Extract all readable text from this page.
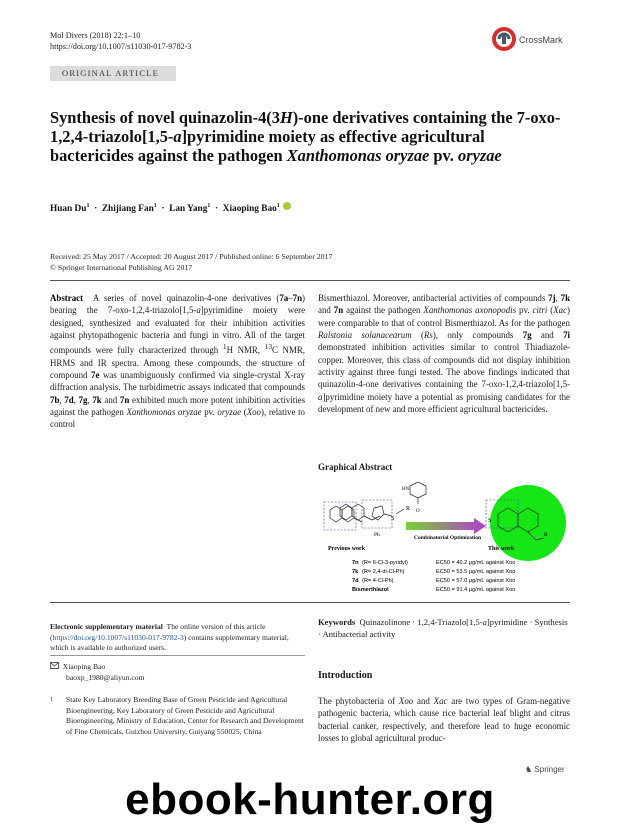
Mol Divers (2018) 22:1–10
https://doi.org/10.1007/s11030-017-9782-3
CrossMark
ORIGINAL ARTICLE
Synthesis of novel quinazolin-4(3H)-one derivatives containing the 7-oxo-1,2,4-triazolo[1,5-a]pyrimidine moiety as effective agricultural bactericides against the pathogen Xanthomonas oryzae pv. oryzae
Huan Du$^1$  ·  Zhijiang Fan$^1$  ·  Lan Yang$^1$  ·  Xiaoping Bao$^1$
Received: 25 May 2017 / Accepted: 20 August 2017 / Published online: 6 September 2017
© Springer International Publishing AG 2017
Abstract A series of novel quinazolin-4-one derivatives (7a–7n) bearing the 7-oxo-1,2,4-triazolo[1,5-a]pyrimidine moiety were designed, synthesized and evaluated for their inhibition activities against phytopathogenic bacteria and fungi in vitro. All of the target compounds were fully characterized through $^1$H NMR, $^{13}$C NMR, HRMS and IR spectra. Among these compounds, the structure of compound 7e was unambiguously confirmed via single-crystal X-ray diffraction analysis. The turbidimetric assays indicated that compounds 7b, 7d, 7g, 7k and 7n exhibited much more potent inhibition activities against the pathogen Xanthomonas oryzae pv. oryzae (Xoo), relative to control
Bismerthiazol. Moreover, antibacterial activities of compounds 7j, 7k and 7n against the pathogen Xanthomonas axonopodis pv. citri (Xac) were comparable to that of control Bismerthiazol. As for the pathogen Ralstonia solanacearum (Rs), only compounds 7g and 7i demonstrated inhibition activities similar to control Thiadiazole-copper. Moreover, this class of compounds did not display inhibition activity against three fungi tested. The above findings indicated that quinazolin-4-one derivatives containing the 7-oxo-1,2,4-triazolo[1,5-a]pyrimidine moiety have a potential as promising candidates for the development of new and more efficient agricultural bactericides.
Graphical Abstract
S
R
Ph
Previous work
HN
O
Combinatorial Optimization
S
R
This work
7n (R= 6-Cl-3-pyridyl)	EC50 = 40.2 μg/mL against Xoo
7k (R= 2,4-di-Cl-Ph)	EC50 = 53.5 μg/mL against Xoo
7d (R= 4-Cl-Ph)	EC50 = 57.0 μg/mL against Xoo
Bismerthiazol	EC50 = 91.4 μg/mL against Xoo
Electronic supplementary material The online version of this article (https://doi.org/10.1007/s11030-017-9782-3) contains supplementary material, which is available to authorized users.
Xiaoping Bao
baoxp_1980@aliyun.com
1	State Key Laboratory Breeding Base of Green Pesticide and Agricultural Bioengineering, Key Laboratory of Green Pesticide and Agricultural Bioengineering, Ministry of Education, Center for Research and Development of Fine Chemicals, Guizhou University, Guiyang 550025, China
Keywords Quinazolinone · 1,2,4-Triazolo[1,5-a]pyrimidine · Synthesis · Antibacterial activity
Introduction
The phytobacteria of Xoo and Xac are two types of Gram-negative pathogenic bacteria, which cause rice bacterial leaf blight and citrus bacterial canker, respectively, and therefore lead to huge economic losses to global agricultural produc-
♞ Springer
ebook-hunter.org
